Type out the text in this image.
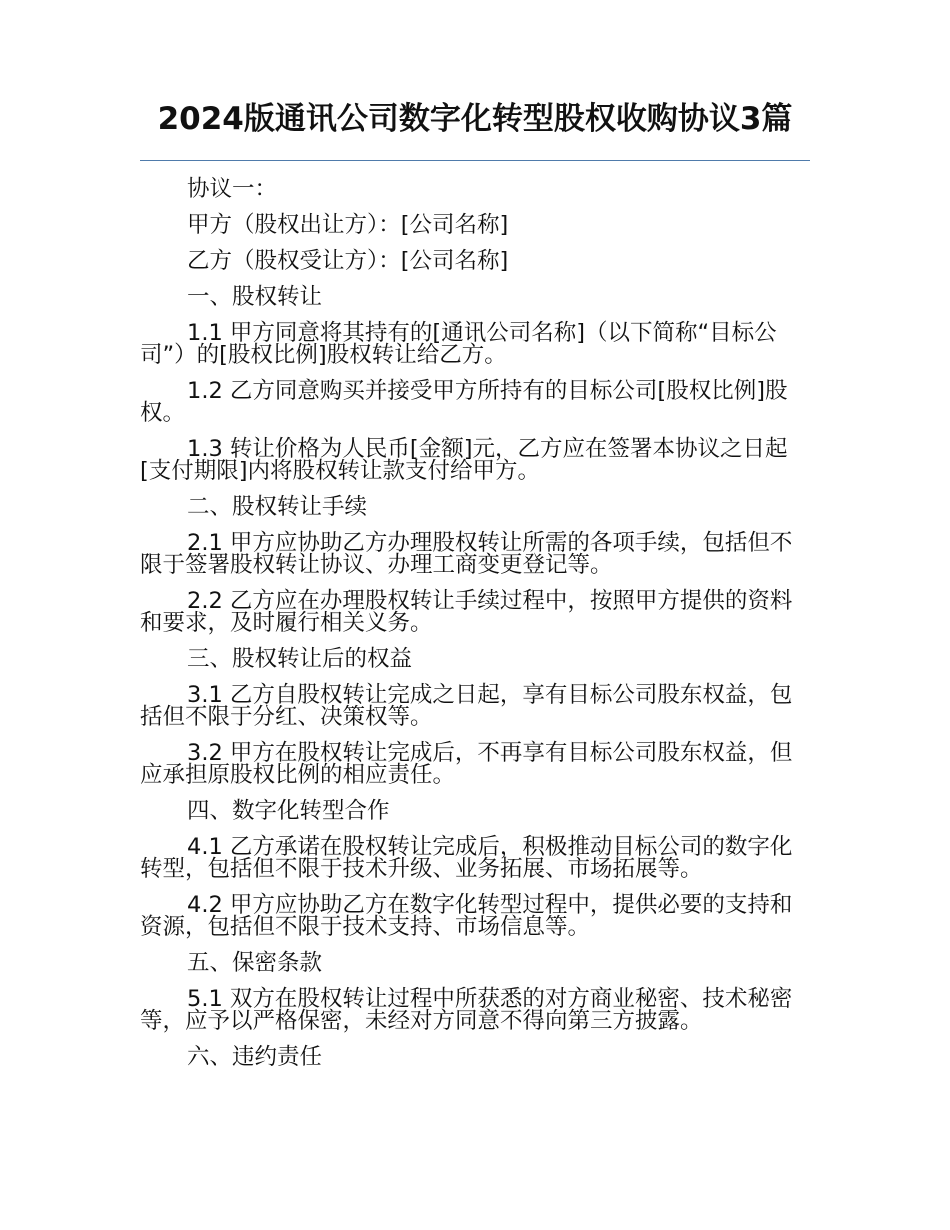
2024版通讯公司数字化转型股权收购协议3篇

协议一：

甲方（股权出让方）：[公司名称]

乙方（股权受让方）：[公司名称]

一、股权转让

1.1 甲方同意将其持有的[通讯公司名称]（以下简称“目标公司”）的[股权比例]股权转让给乙方。

1.2 乙方同意购买并接受甲方所持有的目标公司[股权比例]股权。

1.3 转让价格为人民币[金额]元，乙方应在签署本协议之日起[支付期限]内将股权转让款支付给甲方。

二、股权转让手续

2.1 甲方应协助乙方办理股权转让所需的各项手续，包括但不限于签署股权转让协议、办理工商变更登记等。

2.2 乙方应在办理股权转让手续过程中，按照甲方提供的资料和要求，及时履行相关义务。

三、股权转让后的权益

3.1 乙方自股权转让完成之日起，享有目标公司股东权益，包括但不限于分红、决策权等。

3.2 甲方在股权转让完成后，不再享有目标公司股东权益，但应承担原股权比例的相应责任。

四、数字化转型合作

4.1 乙方承诺在股权转让完成后，积极推动目标公司的数字化转型，包括但不限于技术升级、业务拓展、市场拓展等。

4.2 甲方应协助乙方在数字化转型过程中，提供必要的支持和资源，包括但不限于技术支持、市场信息等。

五、保密条款

5.1 双方在股权转让过程中所获悉的对方商业秘密、技术秘密等，应予以严格保密，未经对方同意不得向第三方披露。

六、违约责任
